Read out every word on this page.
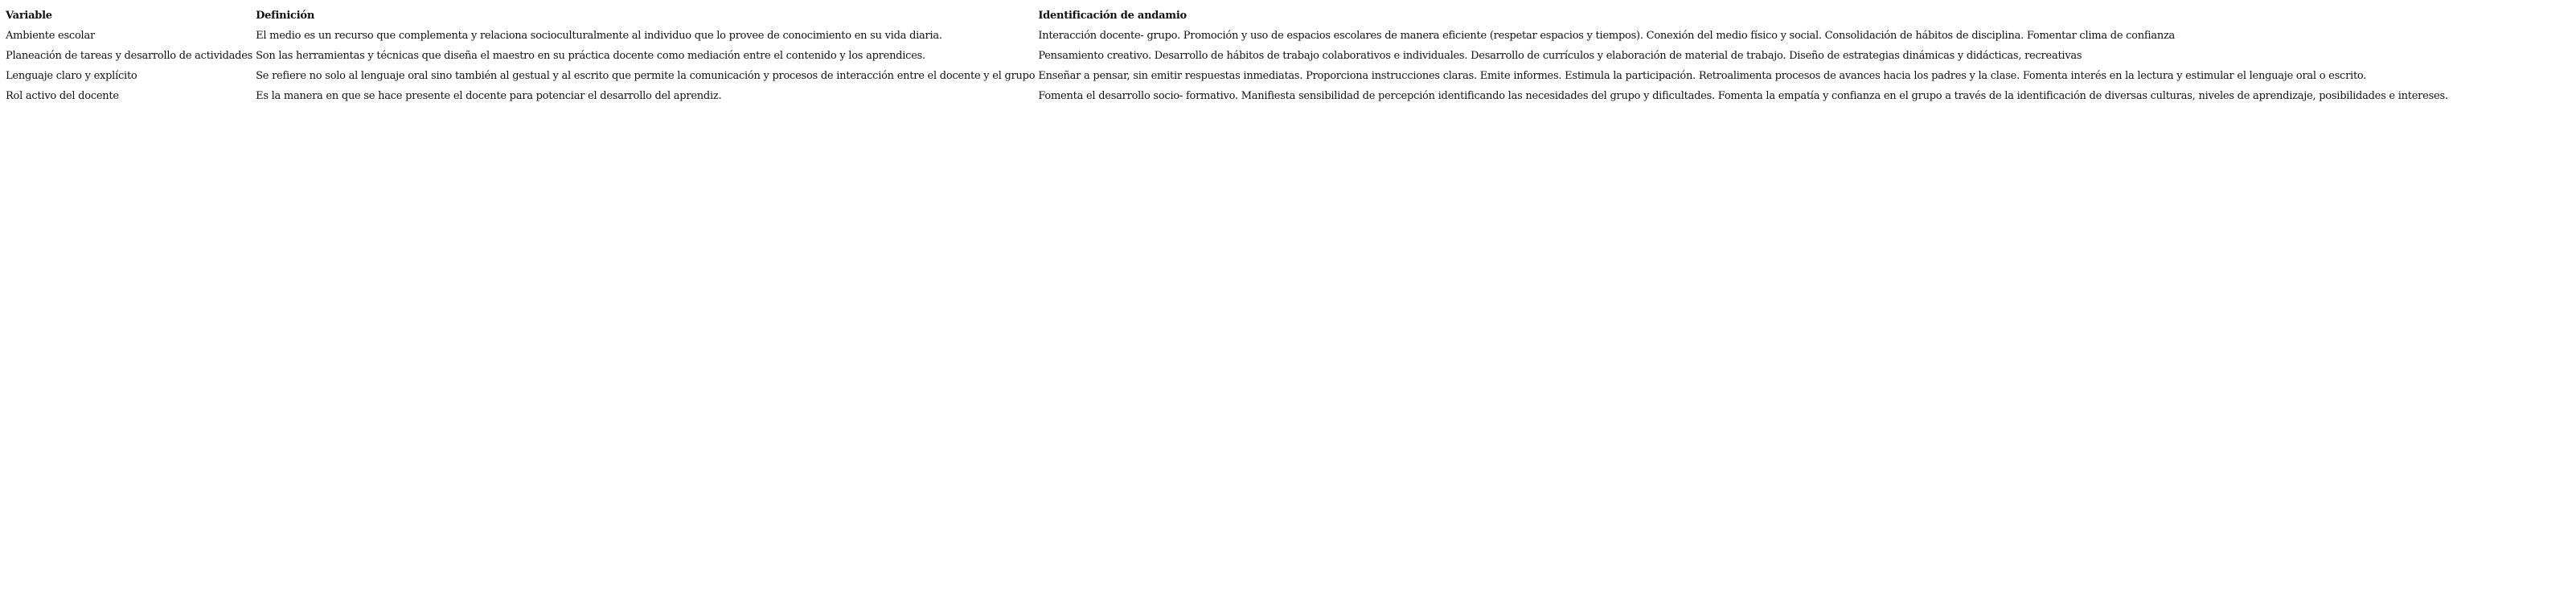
Variable	Definición	Identificación de andamio
Ambiente escolar	El medio es un recurso que complementa y relaciona socioculturalmente al individuo que lo provee de conocimiento en su vida diaria.	Interacción docente- grupo. Promoción y uso de espacios escolares de manera eficiente (respetar espacios y tiempos). Conexión del medio físico y social. Consolidación de hábitos de disciplina. Fomentar clima de confianza
Planeación de tareas y desarrollo de actividades	Son las herramientas y técnicas que diseña el maestro en su práctica docente como mediación entre el contenido y los aprendices.	Pensamiento creativo. Desarrollo de hábitos de trabajo colaborativos e individuales. Desarrollo de currículos y elaboración de material de trabajo. Diseño de estrategias dinámicas y didácticas, recreativas
Lenguaje claro y explícito	Se refiere no solo al lenguaje oral sino también al gestual y al escrito que permite la comunicación y procesos de interacción entre el docente y el grupo	Enseñar a pensar, sin emitir respuestas inmediatas. Proporciona instrucciones claras. Emite informes. Estimula la participación. Retroalimenta procesos de avances hacia los padres y la clase. Fomenta interés en la lectura y estimular el lenguaje oral o escrito.
Rol activo del docente	Es la manera en que se hace presente el docente para potenciar el desarrollo del aprendiz.	Fomenta el desarrollo socio- formativo. Manifiesta sensibilidad de percepción identificando las necesidades del grupo y dificultades. Fomenta la empatía y confianza en el grupo a través de la identificación de diversas culturas, niveles de aprendizaje, posibilidades e intereses.
